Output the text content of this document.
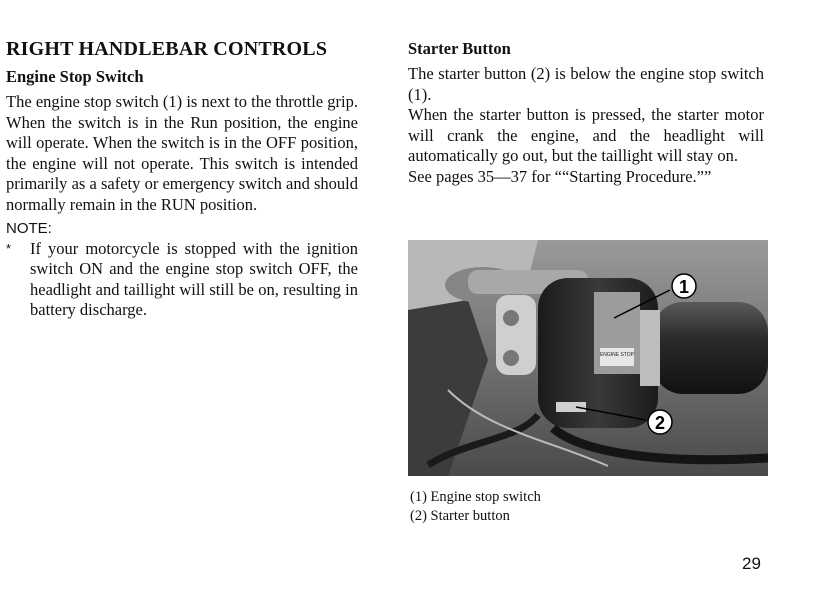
RIGHT HANDLEBAR CONTROLS
Engine Stop Switch

The engine stop switch (1) is next to the throttle grip. When the switch is in the Run position, the engine will operate. When the switch is in the OFF position, the engine will not operate. This switch is intended primarily as a safety or emergency switch and should normally remain in the RUN position.

NOTE:
*	If your motorcycle is stopped with the ignition switch ON and the engine stop switch OFF, the headlight and taillight will still be on, resulting in battery discharge.
Starter Button

The starter button (2) is below the engine stop switch (1).

When the starter button is pressed, the starter motor will crank the engine, and the headlight will automatically go out, but the taillight will stay on.

See pages 35—37 for ““Starting Procedure.””

ENGINE STOP
1
2
(1) Engine stop switch
(2) Starter button
29
